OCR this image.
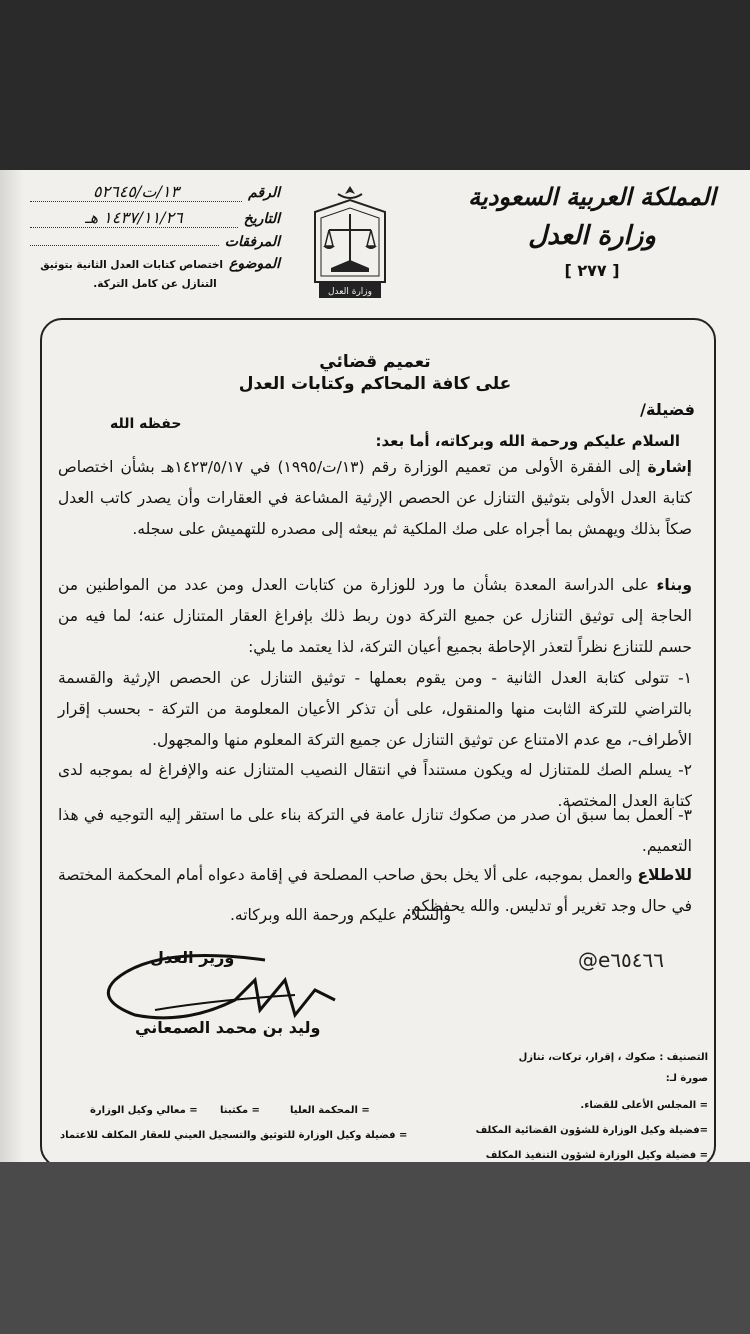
المملكة العربية السعودية
وزارة العدل
[ ٢٧٧ ]
وزارة العدل
الرقم
١٣/ت/٥٢٦٤٥
التاريخ
١٤٣٧/١١/٢٦ هـ
المرفقات
الموضوع
اختصاص كتابات العدل الثانية بتوثيق
التنازل عن كامل التركة.
تعميم قضائي
على كافة المحاكم وكتابات العدل
فضيلة/
حفظه الله
السلام عليكم ورحمة الله وبركاته، أما بعد:
إشارة إلى الفقرة الأولى من تعميم الوزارة رقم (١٣/ت/١٩٩٥) في ١٤٢٣/٥/١٧هـ بشأن اختصاص كتابة العدل الأولى بتوثيق التنازل عن الحصص الإرثية المشاعة في العقارات وأن يصدر كاتب العدل صكاً بذلك ويهمش بما أجراه على صك الملكية ثم يبعثه إلى مصدره للتهميش على سجله.
وبناء على الدراسة المعدة بشأن ما ورد للوزارة من كتابات العدل ومن عدد من المواطنين من الحاجة إلى توثيق التنازل عن جميع التركة دون ربط ذلك بإفراغ العقار المتنازل عنه؛ لما فيه من حسم للتنازع نظراً لتعذر الإحاطة بجميع أعيان التركة، لذا يعتمد ما يلي:
١- تتولى كتابة العدل الثانية - ومن يقوم بعملها - توثيق التنازل عن الحصص الإرثية والقسمة بالتراضي للتركة الثابت منها والمنقول، على أن تذكر الأعيان المعلومة من التركة - بحسب إقرار الأطراف-، مع عدم الامتناع عن توثيق التنازل عن جميع التركة المعلوم منها والمجهول.
٢- يسلم الصك للمتنازل له ويكون مستنداً في انتقال النصيب المتنازل عنه والإفراغ له بموجبه لدى كتابة العدل المختصة.
٣- العمل بما سبق أن صدر من صكوك تنازل عامة في التركة بناء على ما استقر إليه التوجيه في هذا التعميم.
للاطلاع والعمل بموجبه، على ألا يخل بحق صاحب المصلحة في إقامة دعواه أمام المحكمة المختصة في حال وجد تغرير أو تدليس. والله يحفظكم.
والسلام عليكم ورحمة الله وبركاته.
@e٦٥٤٦٦
وزير العدل
وليد بن محمد الصمعاني
التصنيف : صكوك ، إقرار، تركات، تنازل
صورة لـ:
= المجلس الأعلى للقضاء.
=فضيلة وكيل الوزارة للشؤون القضائية المكلف
= فضيلة وكيل الوزارة لشؤون التنفيذ المكلف
= المحكمة العليا
= مكتبنا
= معالي وكيل الوزارة
= فضيلة وكيل الوزارة للتوثيق والتسجيل العيني للعقار المكلف للاعتماد
